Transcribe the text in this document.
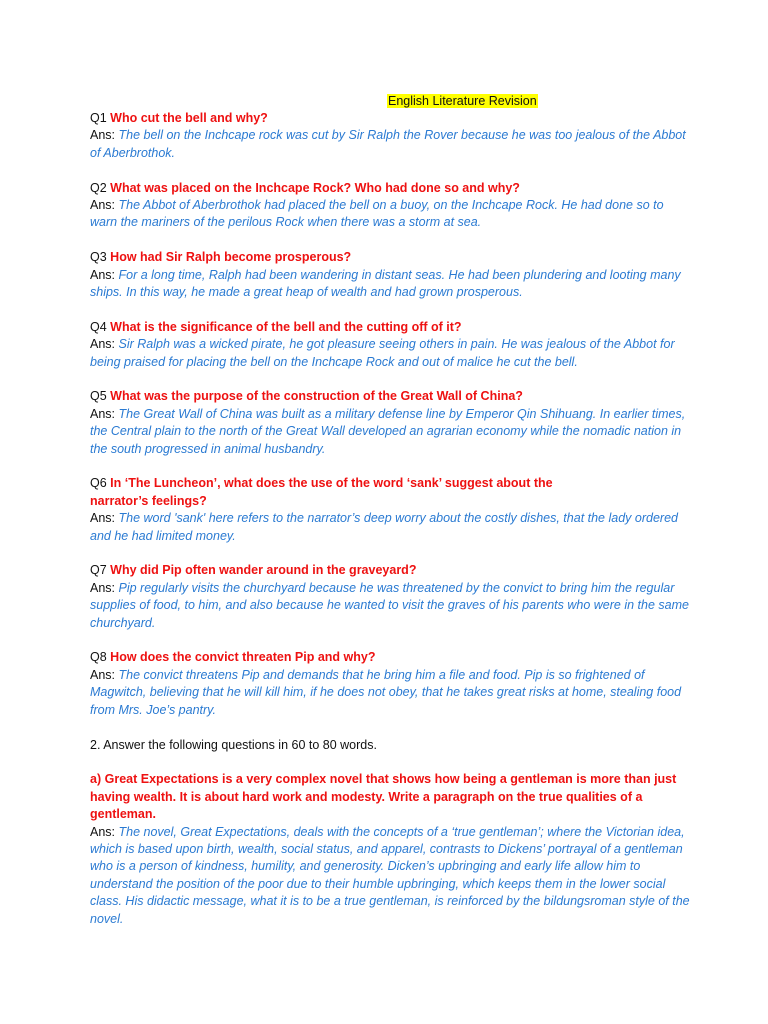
English Literature Revision
Q1 Who cut the bell and why?
Ans: The bell on the Inchcape rock was cut by Sir Ralph the Rover because he was too jealous of the Abbot of Aberbrothok.
Q2 What was placed on the Inchcape Rock? Who had done so and why?
Ans: The Abbot of Aberbrothok had placed the bell on a buoy, on the Inchcape Rock. He had done so to warn the mariners of the perilous Rock when there was a storm at sea.
Q3 How had Sir Ralph become prosperous?
Ans: For a long time, Ralph had been wandering in distant seas. He had been plundering and looting many ships. In this way, he made a great heap of wealth and had grown prosperous.
Q4 What is the significance of the bell and the cutting off of it?
Ans: Sir Ralph was a wicked pirate, he got pleasure seeing others in pain. He was jealous of the Abbot for being praised for placing the bell on the Inchcape Rock and out of malice he cut the bell.
Q5 What was the purpose of the construction of the Great Wall of China?
Ans: The Great Wall of China was built as a military defense line by Emperor Qin Shihuang. In earlier times, the Central plain to the north of the Great Wall developed an agrarian economy while the nomadic nation in the south progressed in animal husbandry.
Q6 In ‘The Luncheon’, what does the use of the word ‘sank’ suggest about the narrator’s feelings?
Ans: The word 'sank' here refers to the narrator’s deep worry about the costly dishes, that the lady ordered and he had limited money.
Q7 Why did Pip often wander around in the graveyard?
Ans: Pip regularly visits the churchyard because he was threatened by the convict to bring him the regular supplies of food, to him, and also because he wanted to visit the graves of his parents who were in the same churchyard.
Q8 How does the convict threaten Pip and why?
Ans: The convict threatens Pip and demands that he bring him a file and food. Pip is so frightened of Magwitch, believing that he will kill him, if he does not obey, that he takes great risks at home, stealing food from Mrs. Joe’s pantry.
2. Answer the following questions in 60 to 80 words.
a) Great Expectations is a very complex novel that shows how being a gentleman is more than just having wealth. It is about hard work and modesty. Write a paragraph on the true qualities of a gentleman.
Ans: The novel, Great Expectations, deals with the concepts of a ‘true gentleman’; where the Victorian idea, which is based upon birth, wealth, social status, and apparel, contrasts to Dickens’ portrayal of a gentleman who is a person of kindness, humility, and generosity. Dicken’s upbringing and early life allow him to understand the position of the poor due to their humble upbringing, which keeps them in the lower social class. His didactic message, what it is to be a true gentleman, is reinforced by the bildungsroman style of the novel.
